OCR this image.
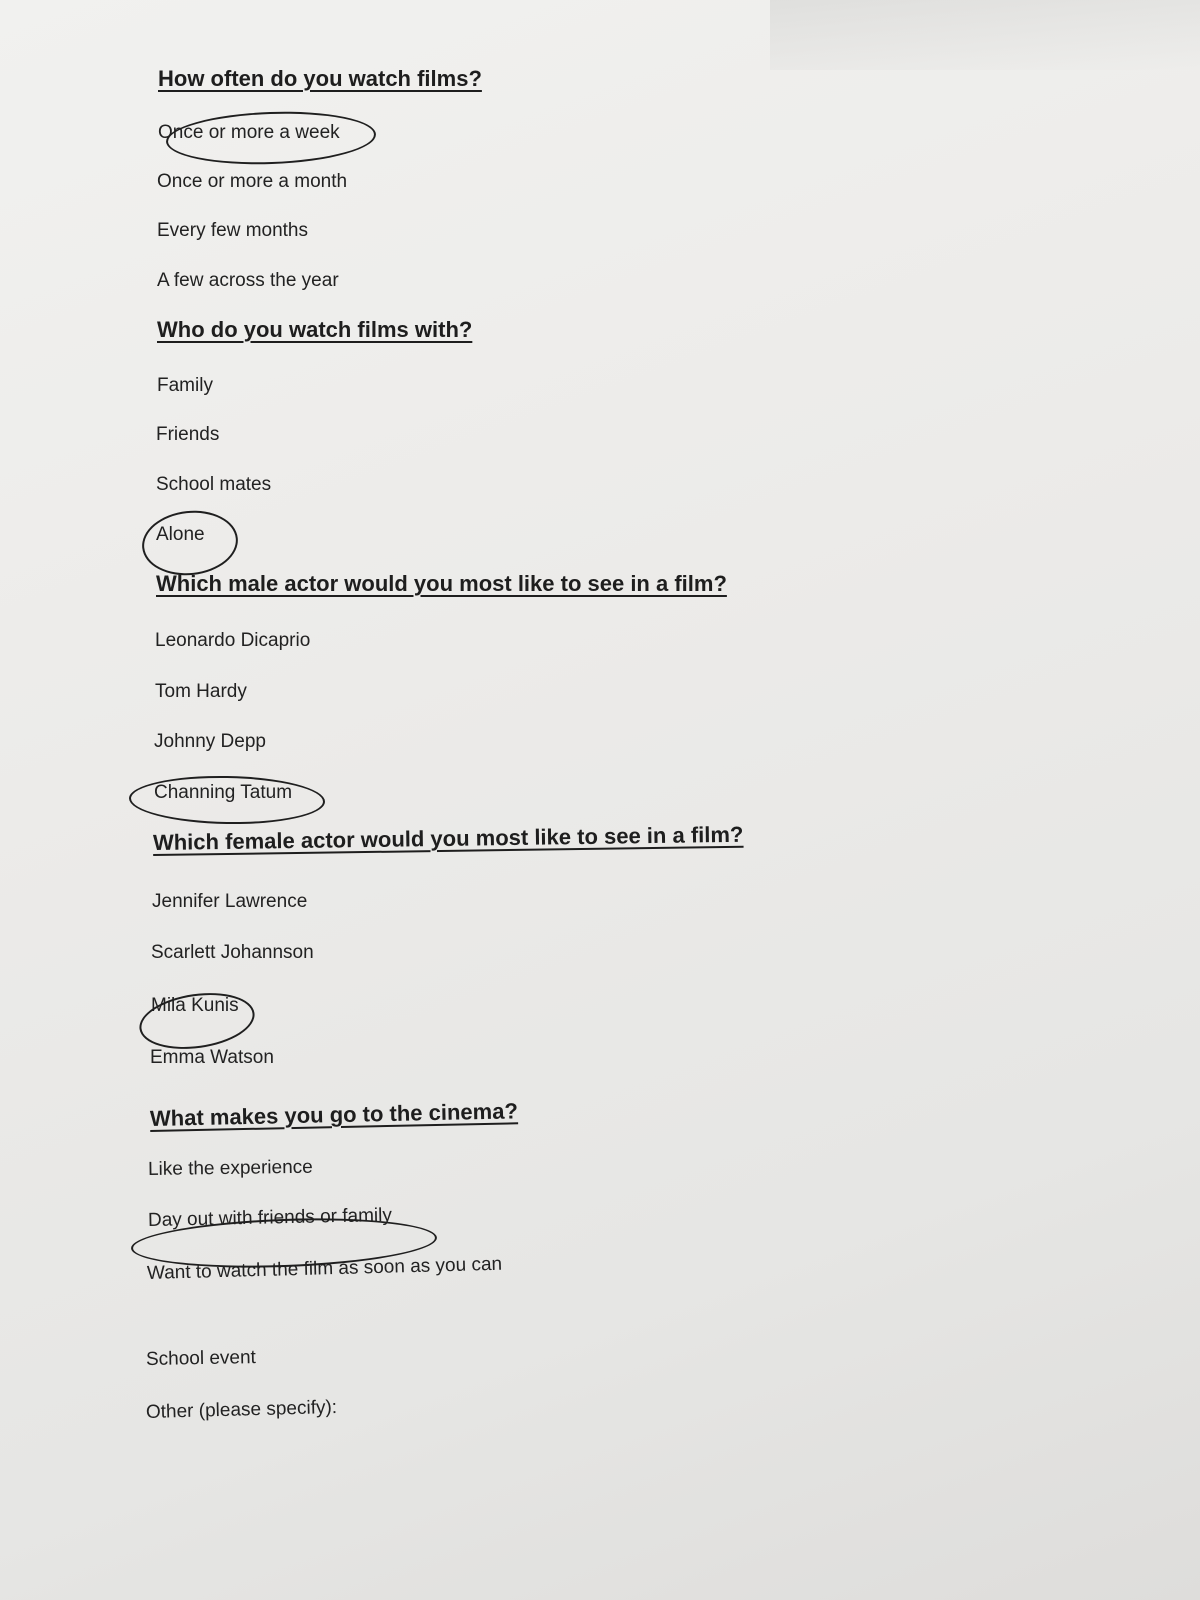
How often do you watch films?
Once or more a week
Once or more a month
Every few months
A few across the year
Who do you watch films with?
Family
Friends
School mates
Alone
Which male actor would you most like to see in a film?
Leonardo Dicaprio
Tom Hardy
Johnny Depp
Channing Tatum
Which female actor would you most like to see in a film?
Jennifer Lawrence
Scarlett Johannson
Mila Kunis
Emma Watson
What makes you go to the cinema?
Like the experience
Day out with friends or family
Want to watch the film as soon as you can
School event
Other (please specify):
